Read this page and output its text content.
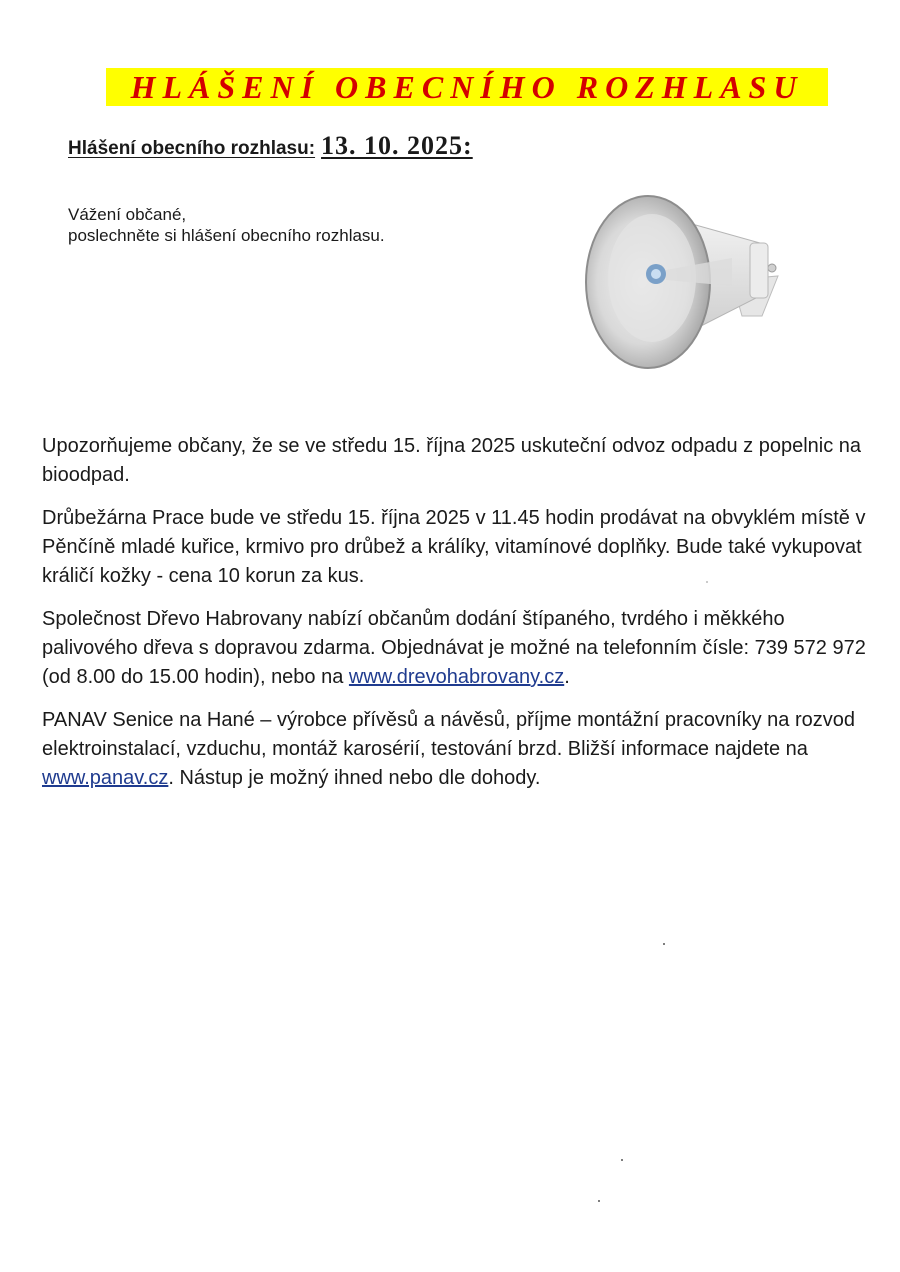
HLÁŠENÍ OBECNÍHO ROZHLASU
Hlášení obecního rozhlasu: 13. 10. 2025:
Vážení občané,
poslechněte si hlášení obecního rozhlasu.

Upozorňujeme občany, že se ve středu 15. října 2025 uskuteční odvoz odpadu z popelnic na bioodpad.

Drůbežárna Prace bude ve středu 15. října 2025 v 11.45 hodin prodávat na obvyklém místě v Pěnčíně mladé kuřice, krmivo pro drůbež a králíky, vitamínové doplňky. Bude také vykupovat králičí kožky - cena 10 korun za kus.

Společnost Dřevo Habrovany nabízí občanům dodání štípaného, tvrdého i měkkého palivového dřeva s dopravou zdarma. Objednávat je možné na telefonním čísle: 739 572 972 (od 8.00 do 15.00 hodin), nebo na www.drevohabrovany.cz.

PANAV Senice na Hané – výrobce přívěsů a návěsů, příjme montážní pracovníky na rozvod elektroinstalací, vzduchu, montáž karosérií, testování brzd. Bližší informace najdete na www.panav.cz. Nástup je možný ihned nebo dle dohody.
